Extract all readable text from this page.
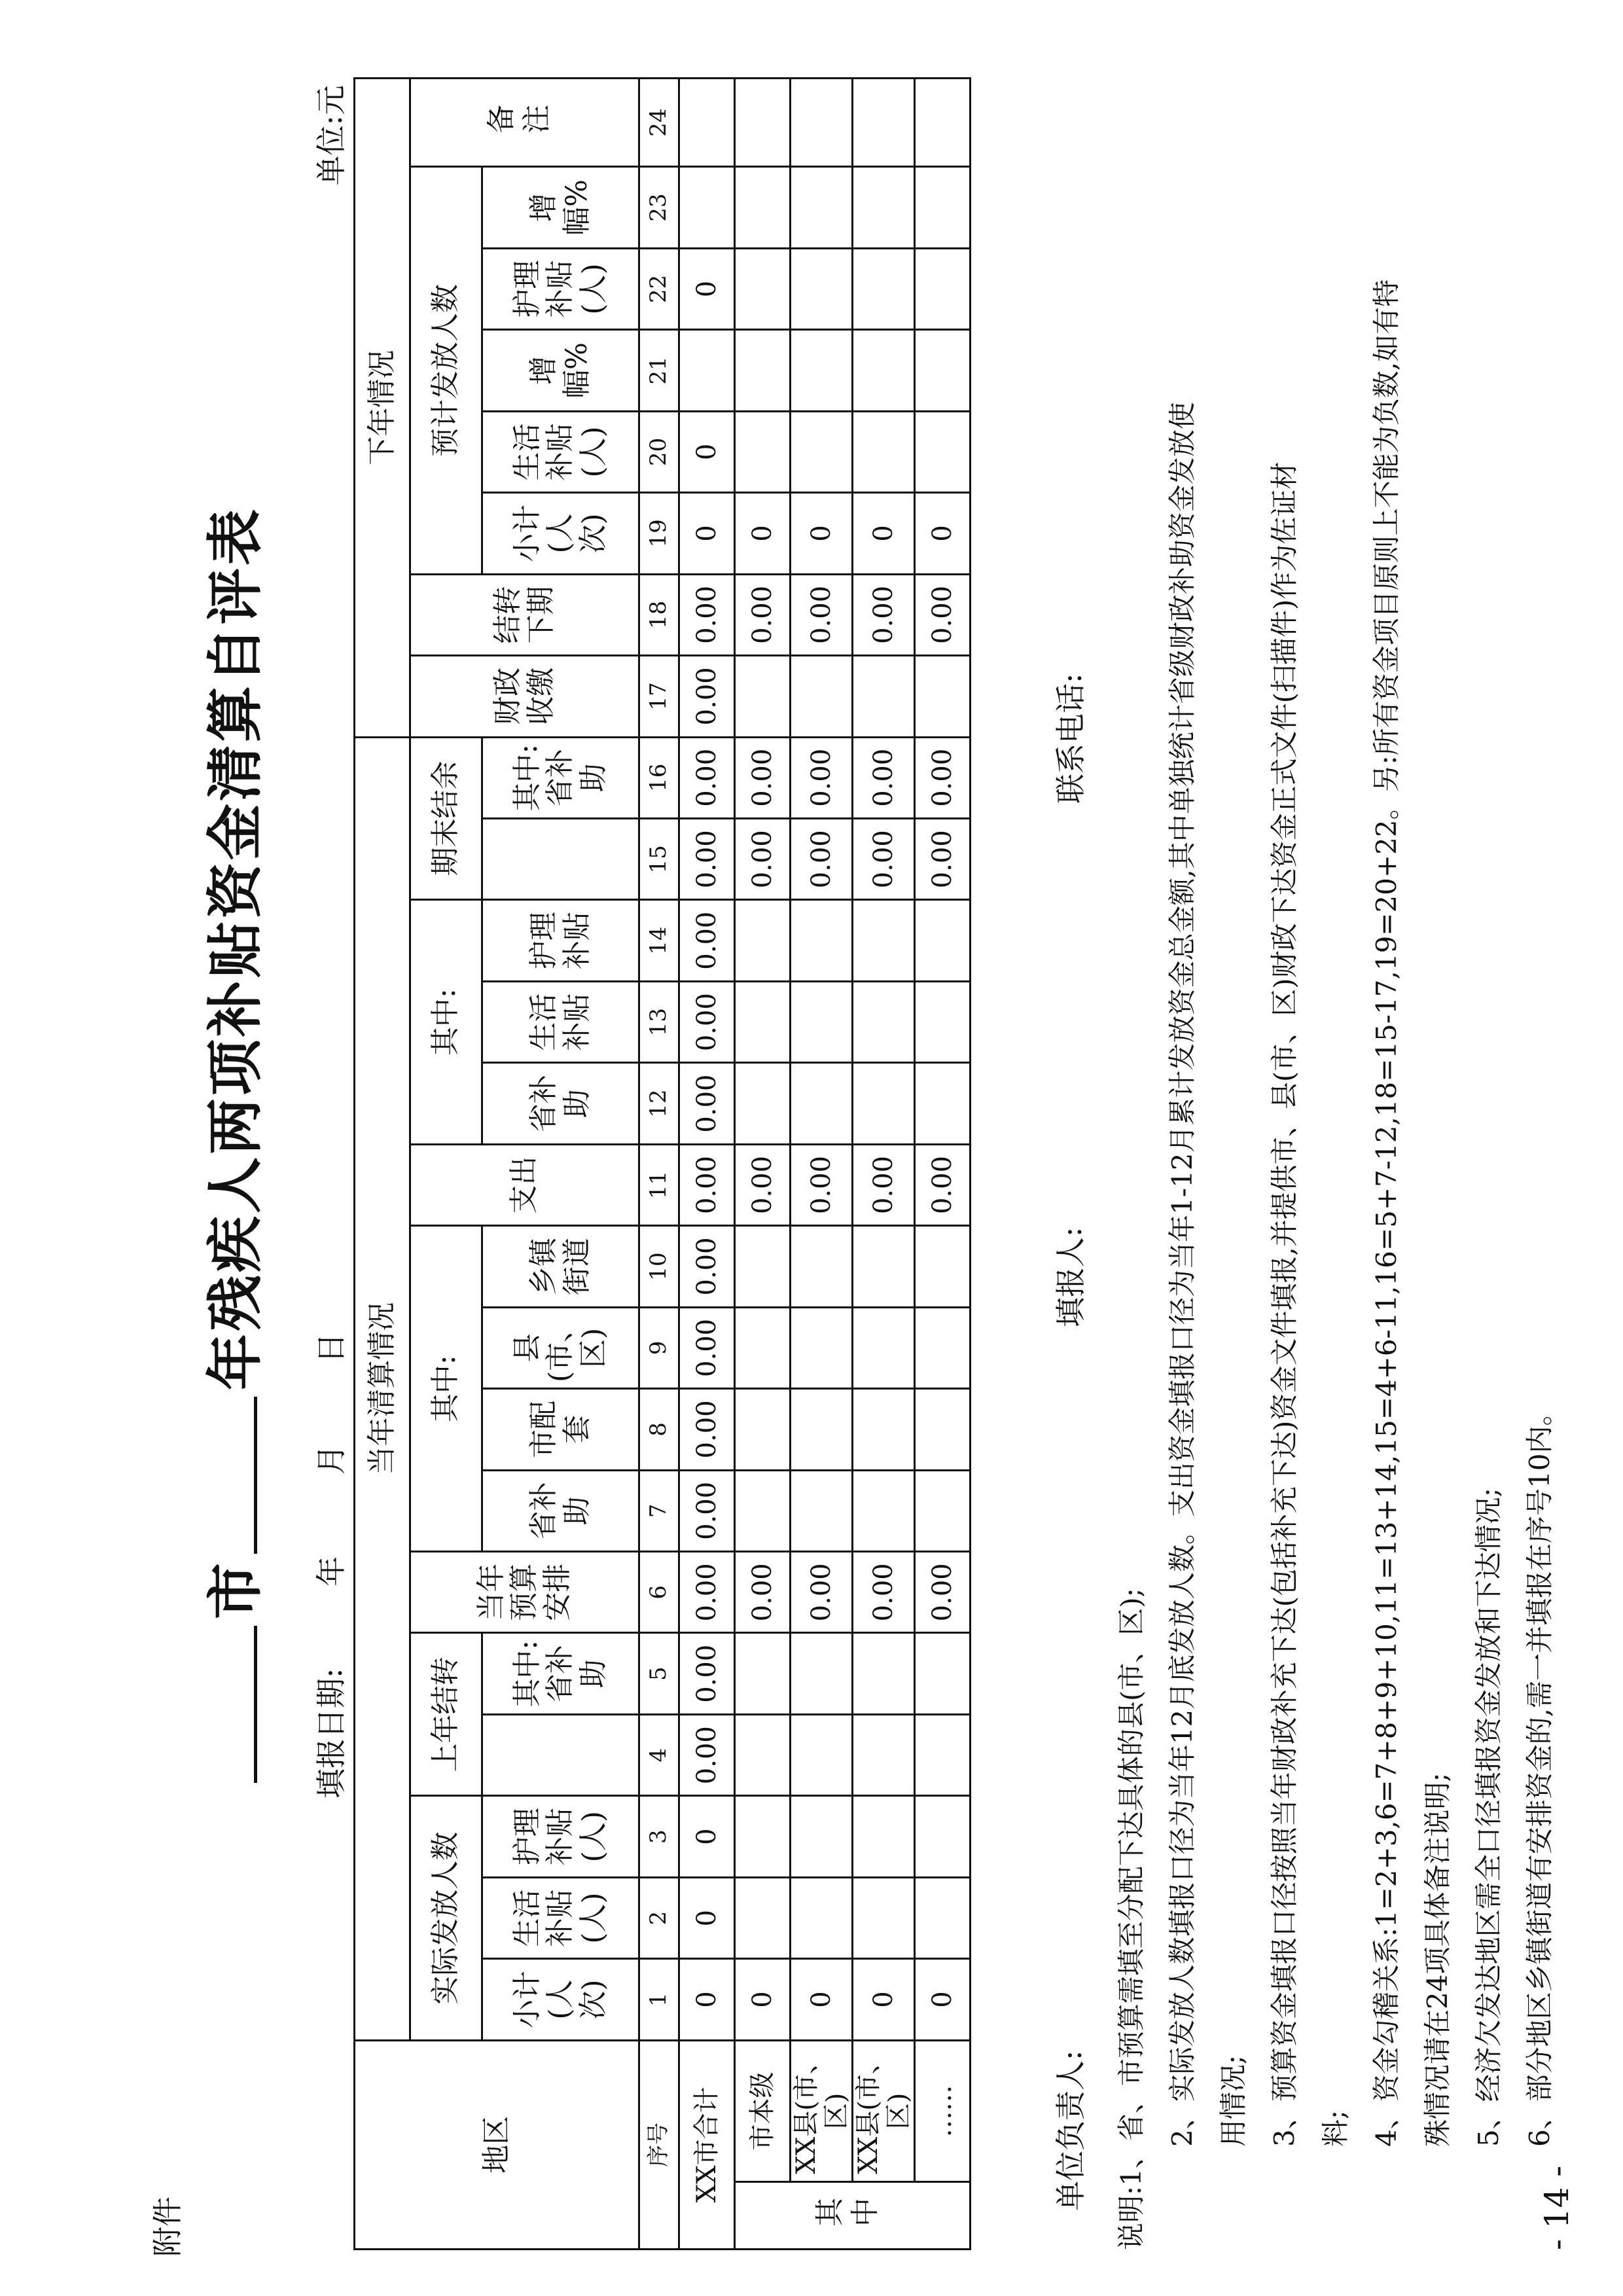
附件
市年残疾人两项补贴资金清算自评表
填报日期: 年 月 日
单位:元
地区		当年清算情况																下年情况							
		实际发放人数			上年结转		当年预算安排	其中:				支出	其中:			期末结余		财政收缴	结转下期	预计发放人数					备注
		小计(人次)	生活补贴(人)	护理补贴(人)		其中:省补助		省补助	市配套	县(市、区)	乡镇街道		省补助	生活补贴	护理补贴		其中:省补助			小计(人次)	生活补贴(人)	增幅%	护理补贴(人)	增幅%	
序号		1	2	3	4	5	6	7	8	9	10	11	12	13	14	15	16	17	18	19	20	21	22	23	24
XX市合计		0	0	0	0.00	0.00	0.00	0.00	0.00	0.00	0.00	0.00	0.00	0.00	0.00	0.00	0.00	0.00	0.00	0	0		0		
其中	市本级	0					0.00					0.00				0.00	0.00		0.00	0					
	XX县(市、区)	0					0.00					0.00				0.00	0.00		0.00	0					
	XX县(市、区)	0					0.00					0.00				0.00	0.00		0.00	0					
	……	0					0.00					0.00				0.00	0.00		0.00	0					
单位负责人:
填报人:
联系电话:
说明:1、省、市预算需填至分配下达具体的县(市、区); 2、实际发放人数填报口径为当年12月底发放人数。支出资金填报口径为当年1-12月累计发放资金总金额,其中单独统计省级财政补助资金发放使 用情况; 3、预算资金填报口径按照当年财政补充下达(包括补充下达)资金文件填报,并提供市、县(市、区)财政下达资金正式文件(扫描件)作为佐证材 料; 4、资金勾稽关系:1=2+3,6=7+8+9+10,11=13+14,15=4+6-11,16=5+7-12,18=15-17,19=20+22。另:所有资金项目原则上不能为负数,如有特 殊情况请在24项具体备注说明; 5、经济欠发达地区需全口径填报资金发放和下达情况; 6、部分地区乡镇街道有安排资金的,需一并填报在序号10内。
- 14 -
